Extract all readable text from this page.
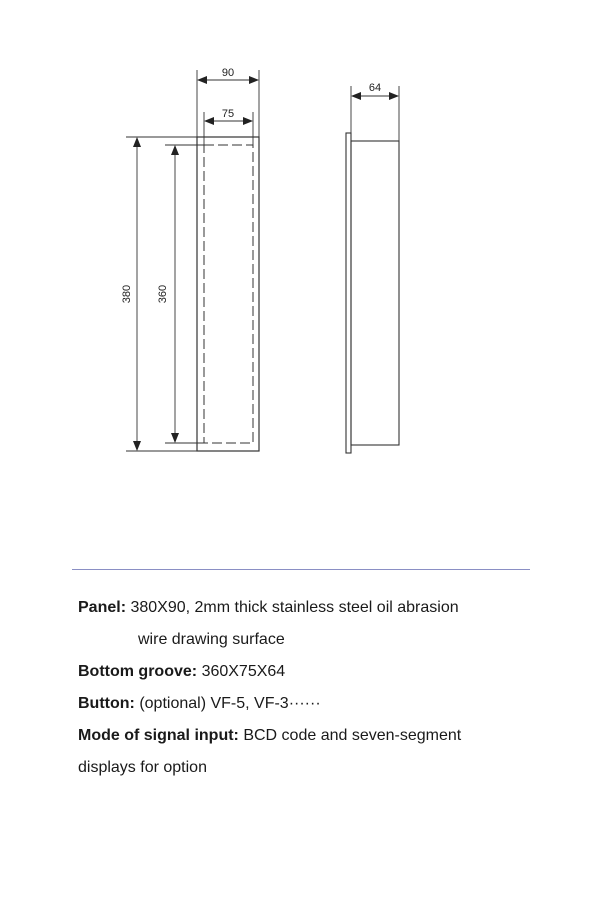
90
75
380 360
64
Panel: 380X90, 2mm thick stainless steel oil abrasion
wire drawing surface
Bottom groove: 360X75X64
Button: (optional) VF-5, VF-3······
Mode of signal input: BCD code and seven-segment
displays for option
